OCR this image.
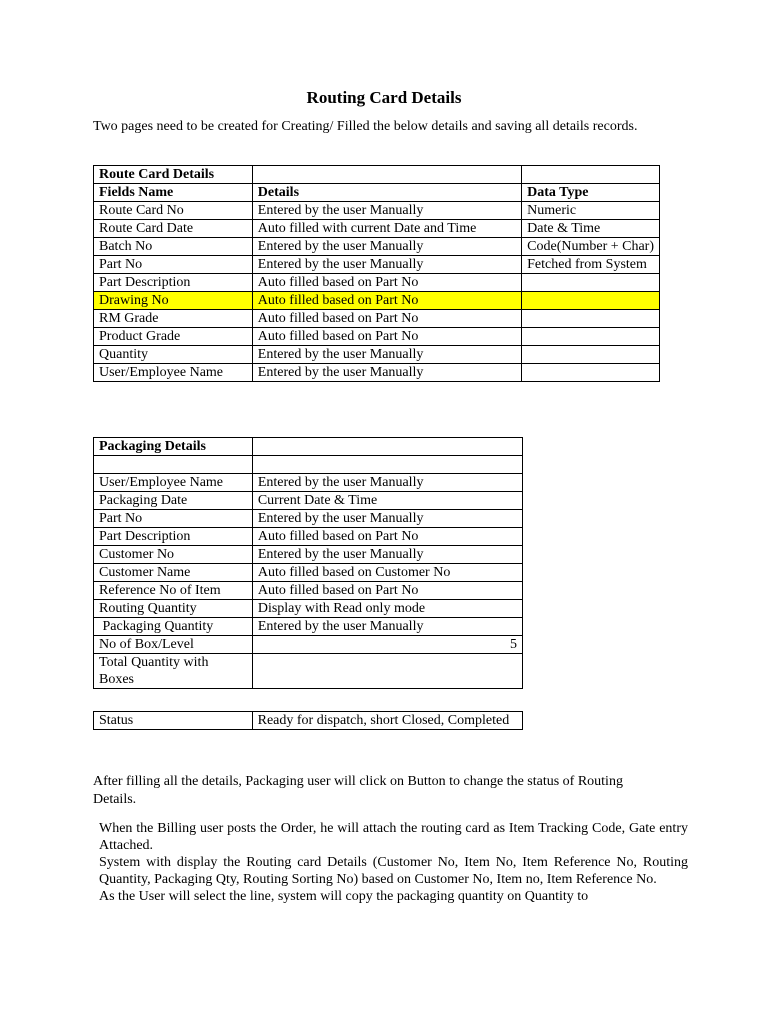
Routing Card Details
Two pages need to be created for Creating/ Filled the below details and saving all details records.
Route Card Details		
Fields Name	Details	Data Type
Route Card No	Entered by the user Manually	Numeric
Route Card Date	Auto filled with current Date and Time	Date & Time
Batch No	Entered by the user Manually	Code(Number + Char)
Part No	Entered by the user Manually	Fetched from System
Part Description	Auto filled based on Part No	
Drawing No	Auto filled based on Part No	
RM Grade	Auto filled based on Part No	
Product Grade	Auto filled based on Part No	
Quantity	Entered by the user Manually	
User/Employee Name	Entered by the user Manually	
Packaging Details	

User/Employee Name	Entered by the user Manually
Packaging Date	Current Date & Time
Part No	Entered by the user Manually
Part Description	Auto filled based on Part No
Customer No	Entered by the user Manually
Customer Name	Auto filled based on Customer No
Reference No of Item	Auto filled based on Part No
Routing Quantity	Display with Read only mode
Packaging Quantity	Entered by the user Manually
No of Box/Level	5
Total Quantity with Boxes	
Status	Ready for dispatch, short Closed, Completed
After filling all the details, Packaging user will click on Button to change the status of Routing Details.

When the Billing user posts the Order, he will attach the routing card as Item Tracking Code, Gate entry Attached.

System with display the Routing card Details (Customer No, Item No, Item Reference No, Routing Quantity, Packaging Qty, Routing Sorting No) based on Customer No, Item no, Item Reference No.

As the User will select the line, system will copy the packaging quantity on Quantity to
